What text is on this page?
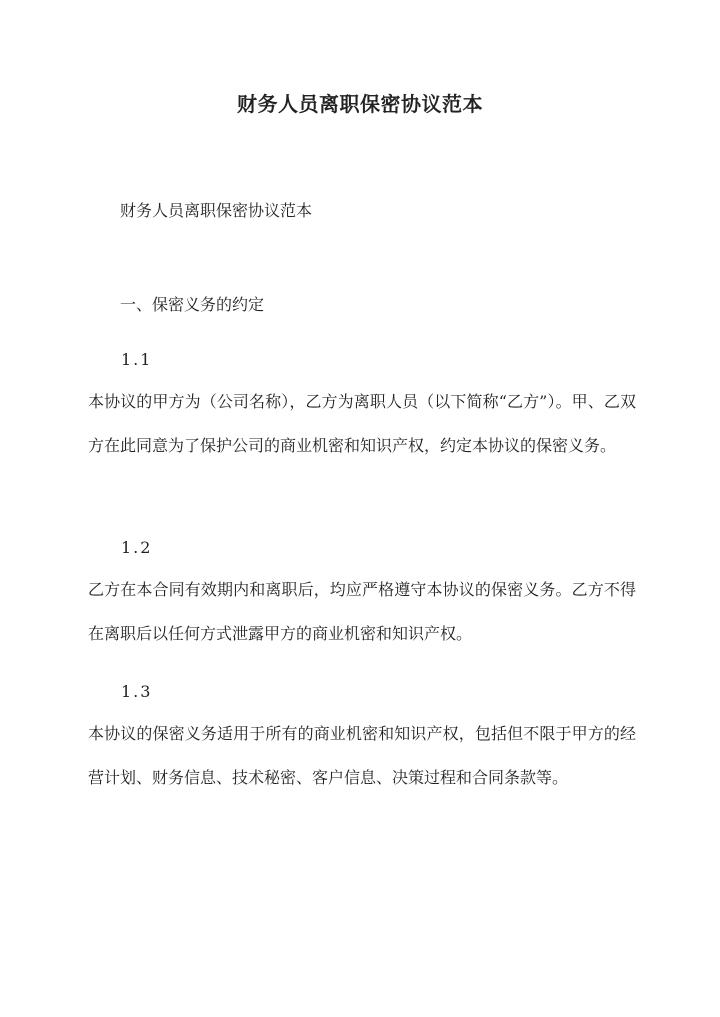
财务人员离职保密协议范本
财务人员离职保密协议范本
一、保密义务的约定
1.1
本协议的甲方为（公司名称），乙方为离职人员（以下简称“乙方”）。甲、乙双方在此同意为了保护公司的商业机密和知识产权，约定本协议的保密义务。
1.2
乙方在本合同有效期内和离职后，均应严格遵守本协议的保密义务。乙方不得在离职后以任何方式泄露甲方的商业机密和知识产权。
1.3
本协议的保密义务适用于所有的商业机密和知识产权，包括但不限于甲方的经营计划、财务信息、技术秘密、客户信息、决策过程和合同条款等。
